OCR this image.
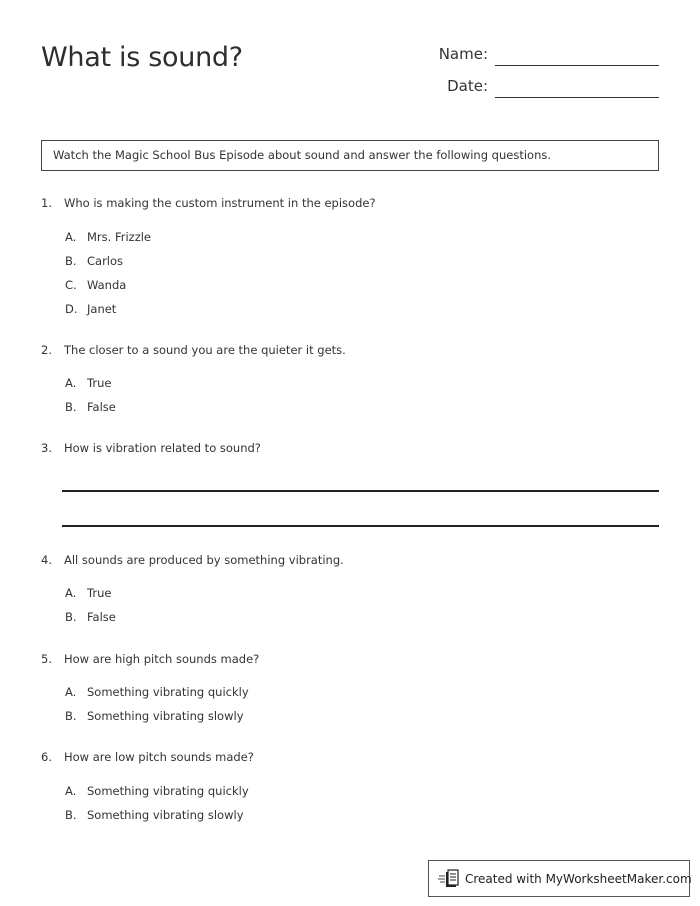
What is sound?	Name:
Date:
Watch the Magic School Bus Episode about sound and answer the following questions.
1.	Who is making the custom instrument in the episode?
A. Mrs. Frizzle
B. Carlos
C. Wanda
D. Janet
2.	The closer to a sound you are the quieter it gets.
A. True
B. False
3.	How is vibration related to sound?
4.	All sounds are produced by something vibrating.
A. True
B. False
5.	How are high pitch sounds made?
A. Something vibrating quickly
B. Something vibrating slowly
6.	How are low pitch sounds made?
A. Something vibrating quickly
B. Something vibrating slowly
Created with MyWorksheetMaker.com
